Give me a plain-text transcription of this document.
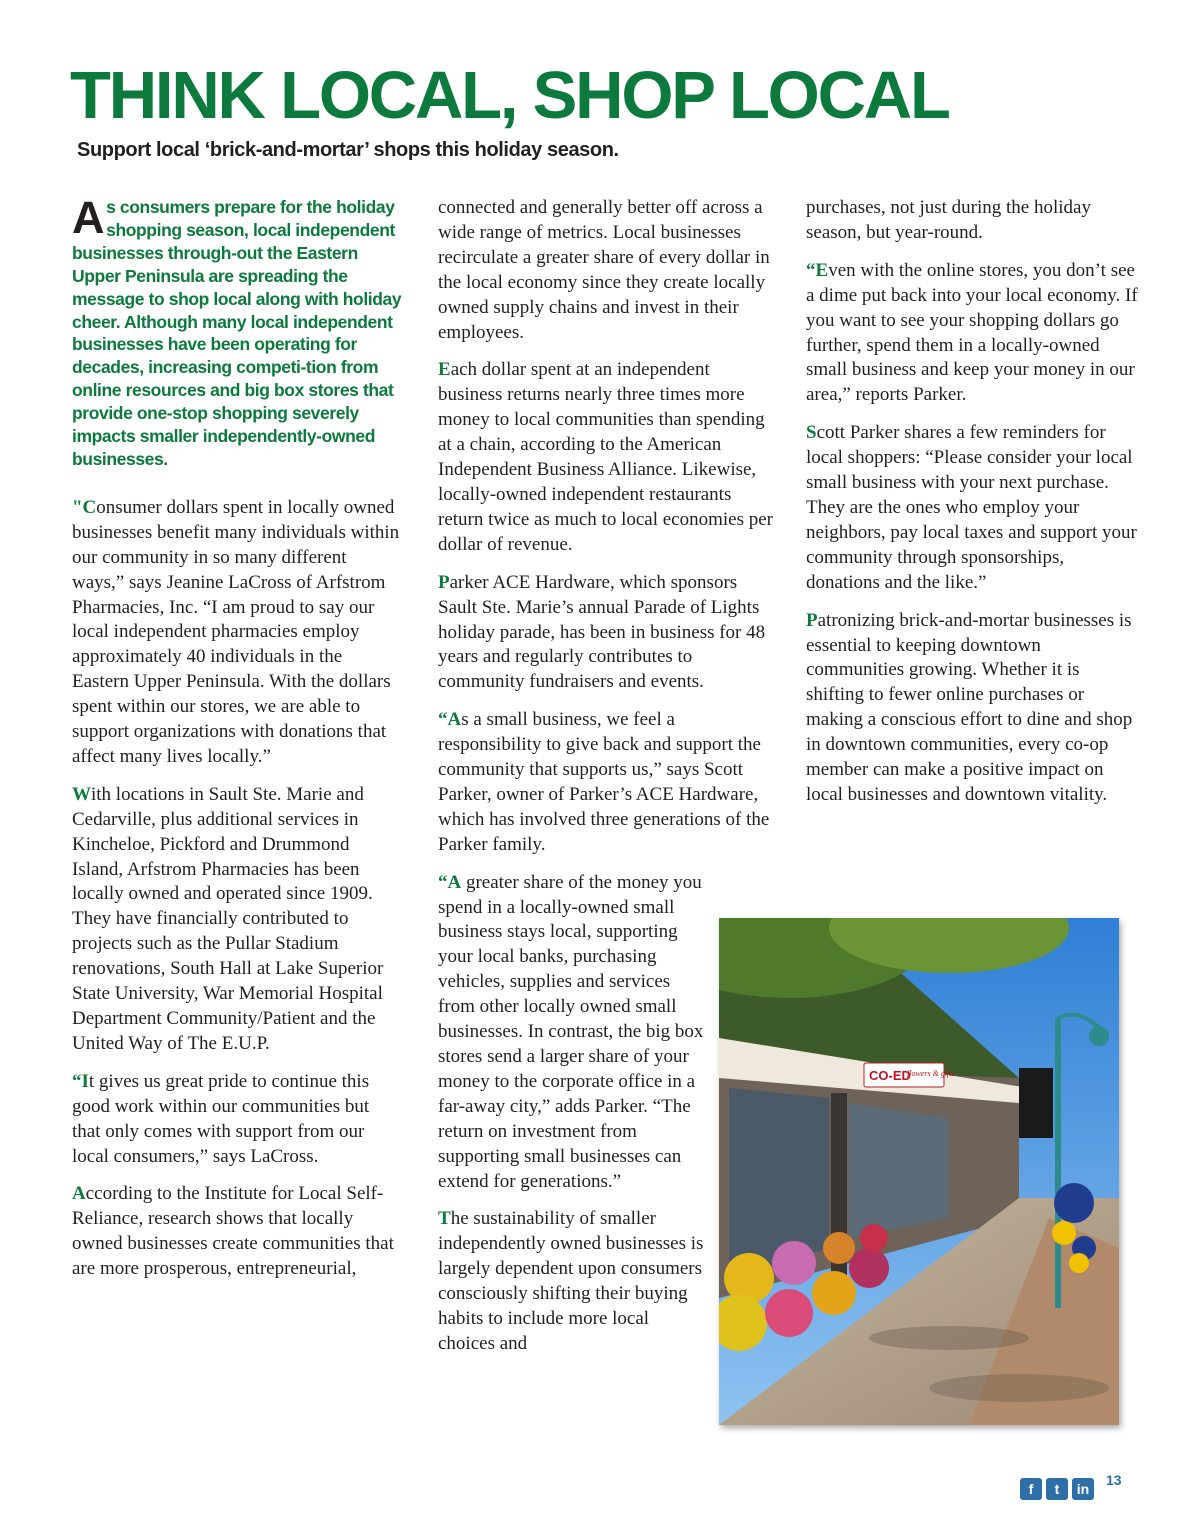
THINK LOCAL, SHOP LOCAL
Support local ‘brick-and-mortar’ shops this holiday season.

As consumers prepare for the holiday shopping season, local independent businesses through-out the Eastern Upper Peninsula are spreading the message to shop local along with holiday cheer. Although many local independent businesses have been operating for decades, increasing competi-tion from online resources and big box stores that provide one-stop shopping severely impacts smaller independently-owned businesses.

"Consumer dollars spent in locally owned businesses benefit many individuals within our community in so many different ways,” says Jeanine LaCross of Arfstrom Pharmacies, Inc. “I am proud to say our local independent pharmacies employ approximately 40 individuals in the Eastern Upper Peninsula. With the dollars spent within our stores, we are able to support organizations with donations that affect many lives locally.”

With locations in Sault Ste. Marie and Cedarville, plus additional services in Kincheloe, Pickford and Drummond Island, Arfstrom Pharmacies has been locally owned and operated since 1909. They have financially contributed to projects such as the Pullar Stadium renovations, South Hall at Lake Superior State University, War Memorial Hospital Department Community/Patient and the United Way of The E.U.P.

“It gives us great pride to continue this good work within our communities but that only comes with support from our local consumers,” says LaCross.

According to the Institute for Local Self-Reliance, research shows that locally owned businesses create communities that are more prosperous, entrepreneurial,

connected and generally better off across a wide range of metrics. Local businesses recirculate a greater share of every dollar in the local economy since they create locally owned supply chains and invest in their employees.

Each dollar spent at an independent business returns nearly three times more money to local communities than spending at a chain, according to the American Independent Business Alliance. Likewise, locally-owned independent restaurants return twice as much to local economies per dollar of revenue.

Parker ACE Hardware, which sponsors Sault Ste. Marie’s annual Parade of Lights holiday parade, has been in business for 48 years and regularly contributes to community fundraisers and events.

“As a small business, we feel a responsibility to give back and support the community that supports us,” says Scott Parker, owner of Parker’s ACE Hardware, which has involved three generations of the Parker family.

“A greater share of the money you spend in a locally-owned small business stays local, supporting your local banks, purchasing vehicles, supplies and services from other locally owned small businesses. In contrast, the big box stores send a larger share of your money to the corporate office in a far-away city,” adds Parker. “The return on investment from supporting small businesses can extend for generations.”

The sustainability of smaller independently owned businesses is largely dependent upon consumers consciously shifting their buying habits to include more local choices and

purchases, not just during the holiday season, but year-round.

“Even with the online stores, you don’t see a dime put back into your local economy. If you want to see your shopping dollars go further, spend them in a locally-owned small business and keep your money in our area,” reports Parker.

Scott Parker shares a few reminders for local shoppers: “Please consider your local small business with your next purchase. They are the ones who employ your neighbors, pay local taxes and support your community through sponsorships, donations and the like.”

Patronizing brick-and-mortar businesses is essential to keeping downtown communities growing. Whether it is shifting to fewer online purchases or making a conscious effort to dine and shop in downtown communities, every co-op member can make a positive impact on local businesses and downtown vitality.

CO-ED
flowers & gifts
f	t	in
13
